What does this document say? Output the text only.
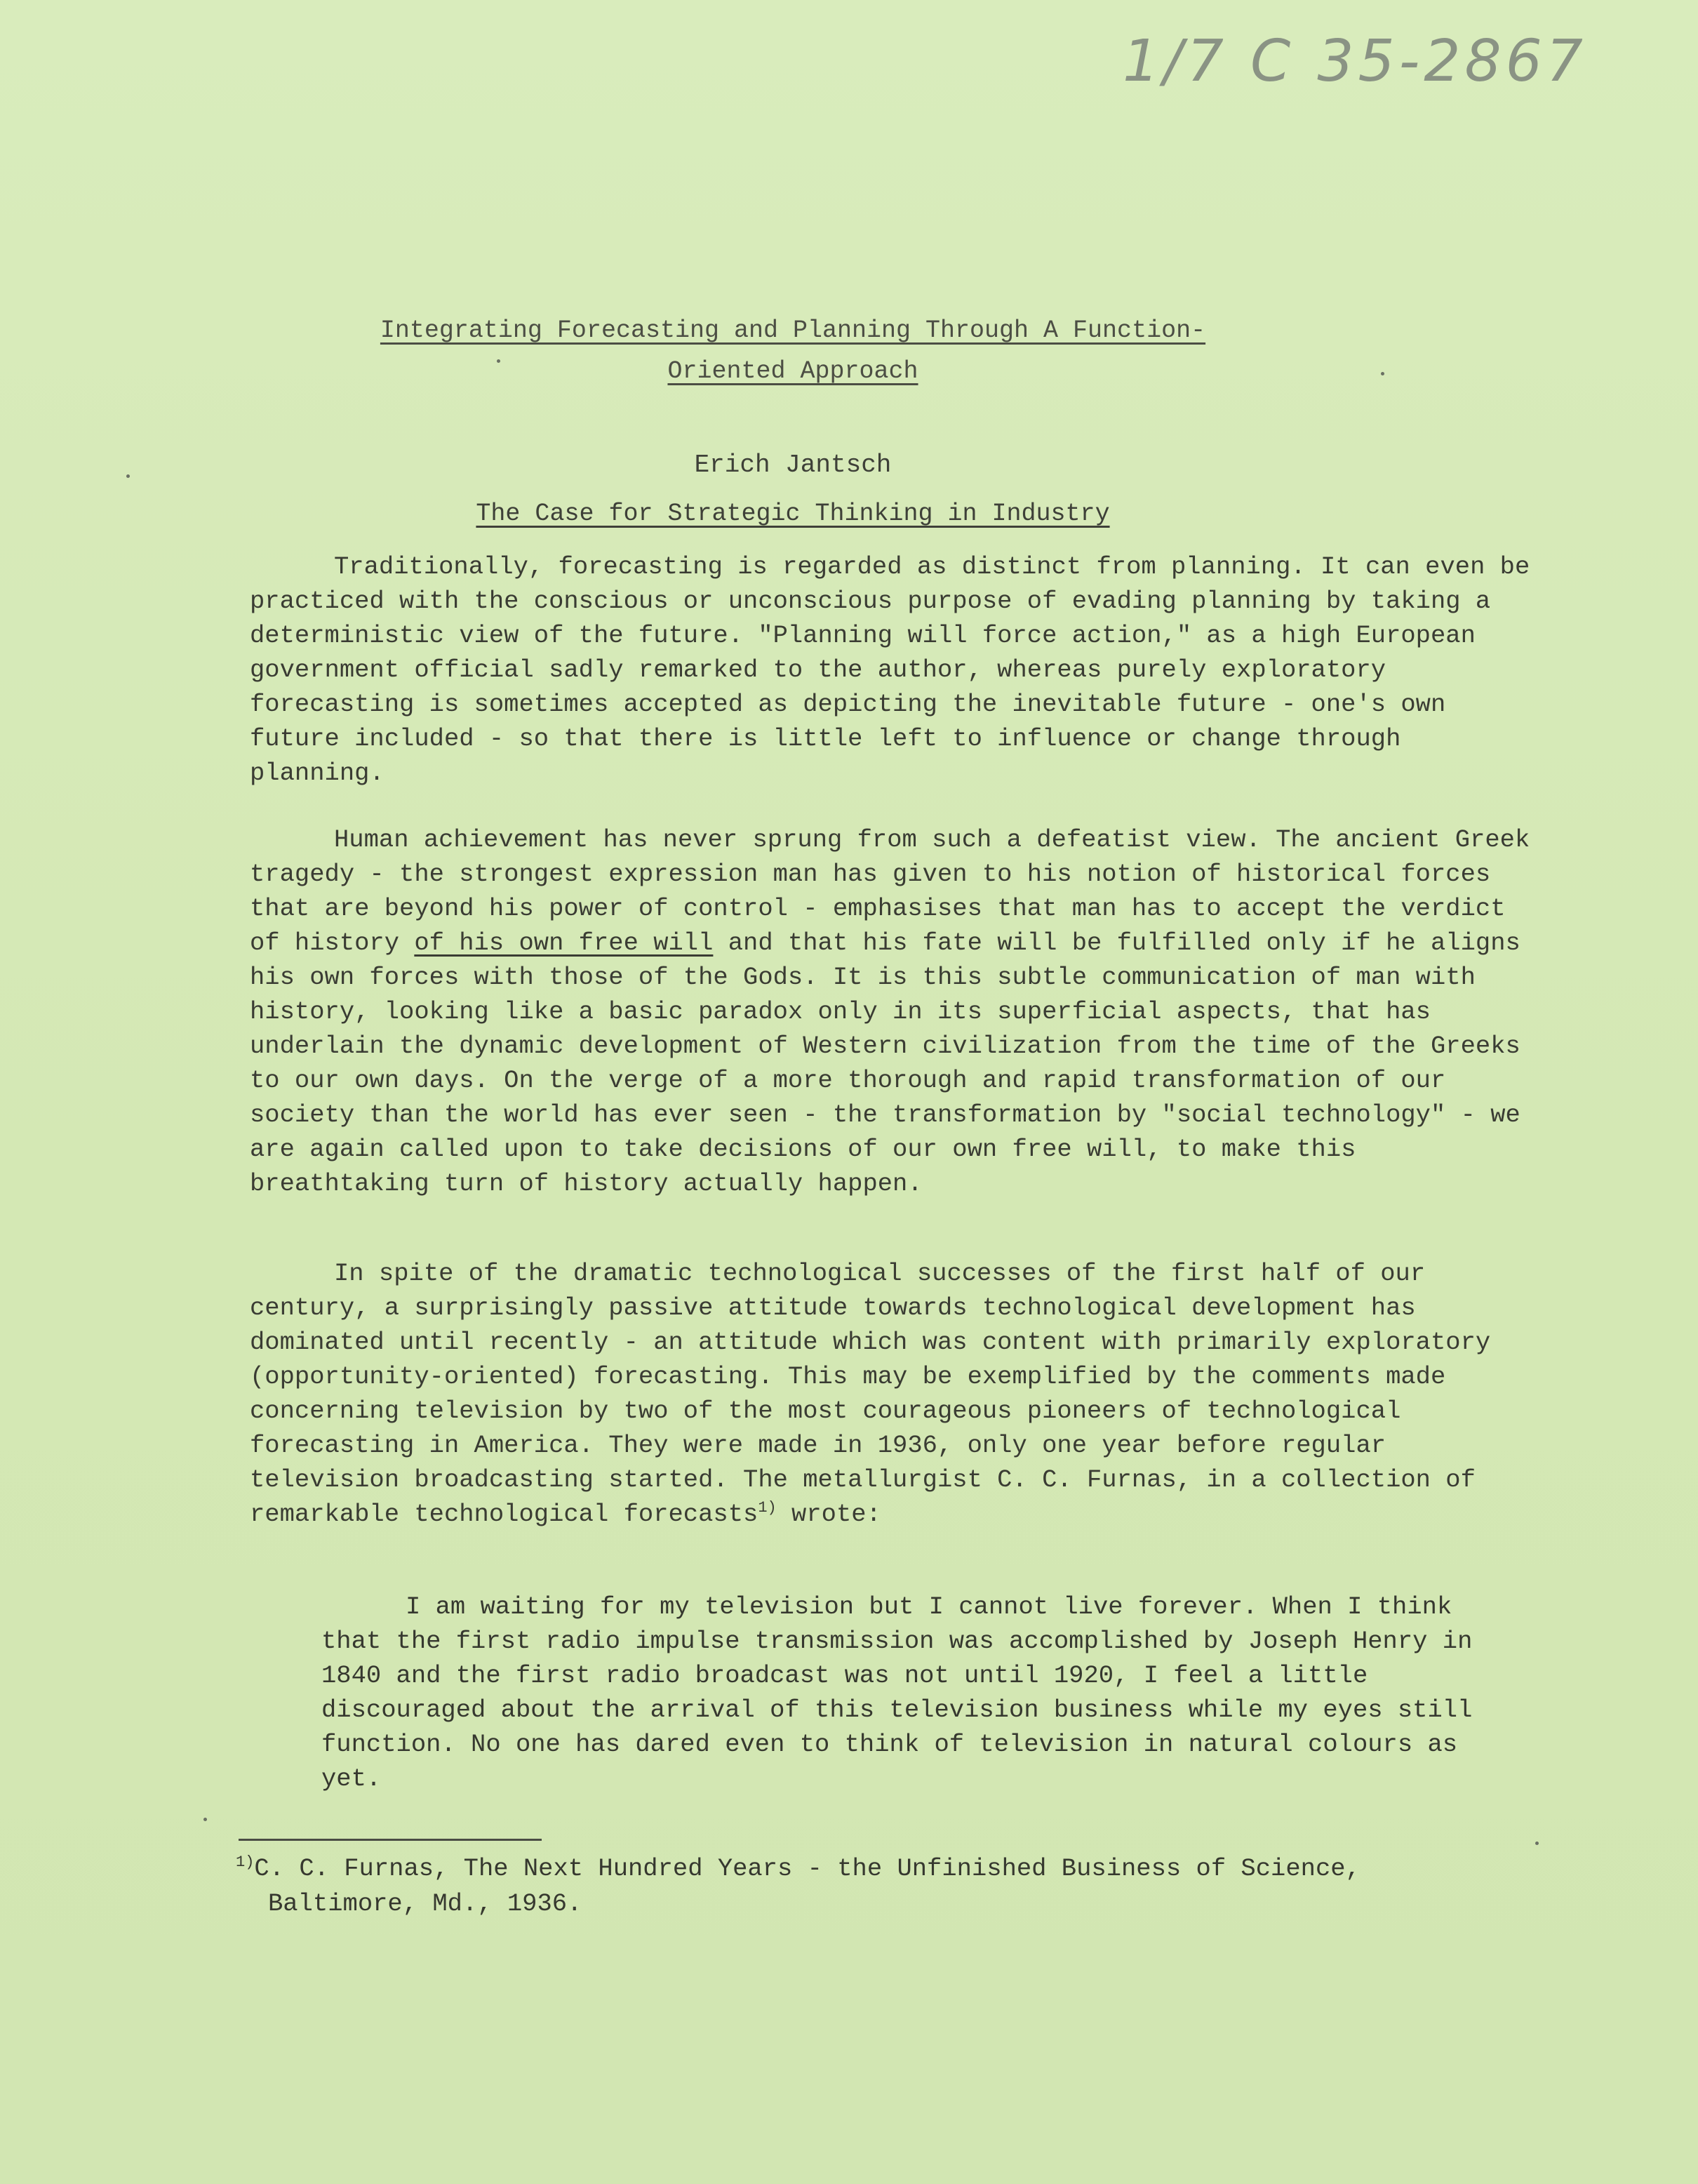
1/7 C 35-2867
Integrating Forecasting and Planning Through A Function-
Oriented Approach
Erich Jantsch
The Case for Strategic Thinking in Industry

Traditionally, forecasting is regarded as distinct from planning. It can even be practiced with the conscious or unconscious purpose of evading planning by taking a deterministic view of the future. "Planning will force action," as a high European government official sadly remarked to the author, whereas purely exploratory forecasting is sometimes accepted as depicting the inevitable future - one's own future included - so that there is little left to influence or change through planning.

Human achievement has never sprung from such a defeatist view. The ancient Greek tragedy - the strongest expression man has given to his notion of historical forces that are beyond his power of control - emphasises that man has to accept the verdict of history of his own free will and that his fate will be fulfilled only if he aligns his own forces with those of the Gods. It is this subtle communication of man with history, looking like a basic paradox only in its superficial aspects, that has underlain the dynamic development of Western civilization from the time of the Greeks to our own days. On the verge of a more thorough and rapid transformation of our society than the world has ever seen - the transformation by "social technology" - we are again called upon to take decisions of our own free will, to make this breathtaking turn of history actually happen.

In spite of the dramatic technological successes of the first half of our century, a surprisingly passive attitude towards technological development has dominated until recently - an attitude which was content with primarily exploratory (opportunity-oriented) forecasting. This may be exemplified by the comments made concerning television by two of the most courageous pioneers of technological forecasting in America. They were made in 1936, only one year before regular television broadcasting started. The metallurgist C. C. Furnas, in a collection of remarkable technological forecasts$^{1)}$ wrote:

I am waiting for my television but I cannot live forever. When I think that the first radio impulse transmission was accomplished by Joseph Henry in 1840 and the first radio broadcast was not until 1920, I feel a little discouraged about the arrival of this television business while my eyes still function. No one has dared even to think of television in natural colours as yet.

$^{1)}$C. C. Furnas, The Next Hundred Years - the Unfinished Business of Science,
Baltimore, Md., 1936.
